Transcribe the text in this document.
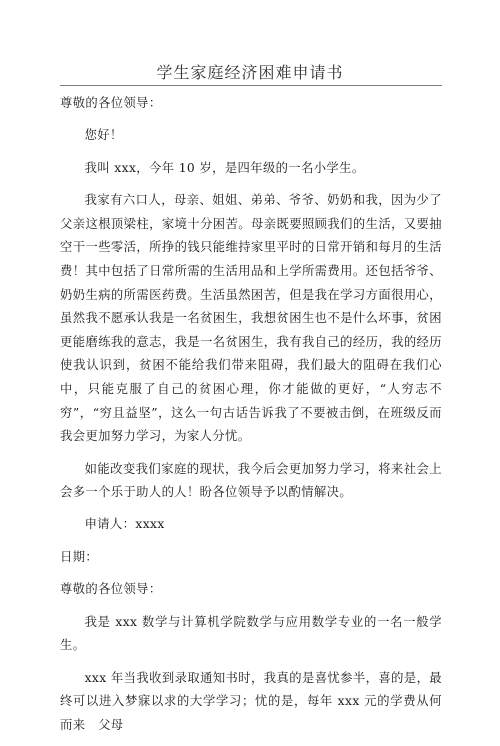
学生家庭经济困难申请书

尊敬的各位领导：

您好！

我叫 xxx，今年 10 岁，是四年级的一名小学生。

我家有六口人，母亲、姐姐、弟弟、爷爷、奶奶和我，因为少了父亲这根顶梁柱，家境十分困苦。母亲既要照顾我们的生活，又要抽空干一些零活，所挣的钱只能维持家里平时的日常开销和每月的生活费！其中包括了日常所需的生活用品和上学所需费用。还包括爷爷、奶奶生病的所需医药费。生活虽然困苦，但是我在学习方面很用心，虽然我不愿承认我是一名贫困生，我想贫困生也不是什么坏事，贫困更能磨练我的意志，我是一名贫困生，我有我自己的经历，我的经历使我认识到，贫困不能给我们带来阻碍，我们最大的阻碍在我们心中，只能克服了自己的贫困心理，你才能做的更好，“人穷志不穷”，“穷且益坚”，这么一句古话告诉我了不要被击倒，在班级反而我会更加努力学习，为家人分忧。

如能改变我们家庭的现状，我今后会更加努力学习，将来社会上会多一个乐于助人的人！盼各位领导予以酌情解决。

申请人：xxxx

日期：

尊敬的各位领导：

我是 xxx 数学与计算机学院数学与应用数学专业的一名一般学生。

xxx 年当我收到录取通知书时，我真的是喜忧参半，喜的是，最终可以进入梦寐以求的大学学习；忧的是，每年 xxx 元的学费从何而来　父母
